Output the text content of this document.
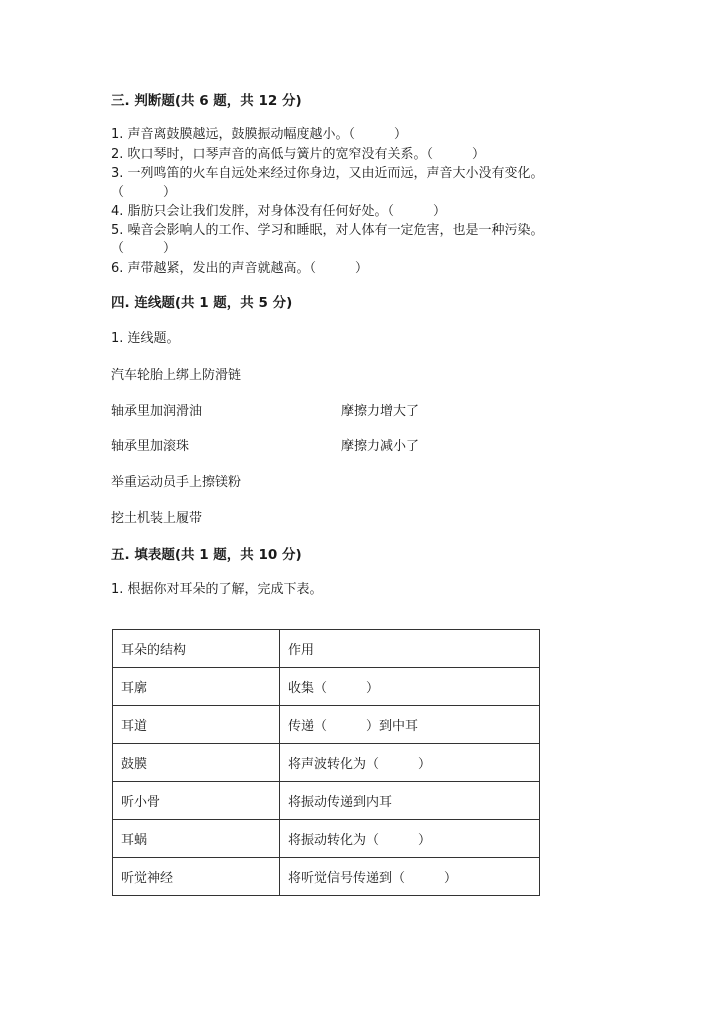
三. 判断题(共 6 题，共 12 分)
1. 声音离鼓膜越远，鼓膜振动幅度越小。（　　　）
2. 吹口琴时，口琴声音的高低与簧片的宽窄没有关系。（　　　）
3. 一列鸣笛的火车自远处来经过你身边，又由近而远，声音大小没有变化。
（　　　）
4. 脂肪只会让我们发胖，对身体没有任何好处。（　　　）
5. 噪音会影响人的工作、学习和睡眠，对人体有一定危害，也是一种污染。
（　　　）
6. 声带越紧，发出的声音就越高。（　　　）
四. 连线题(共 1 题，共 5 分)
1. 连线题。
汽车轮胎上绑上防滑链
轴承里加润滑油
轴承里加滚珠
举重运动员手上擦镁粉
挖土机装上履带
摩擦力增大了
摩擦力减小了
五. 填表题(共 1 题，共 10 分)
1. 根据你对耳朵的了解，完成下表。
耳朵的结构	作用
耳廓	收集（　　　）
耳道	传递（　　　）到中耳
鼓膜	将声波转化为（　　　）
听小骨	将振动传递到内耳
耳蜗	将振动转化为（　　　）
听觉神经	将听觉信号传递到（　　　）
